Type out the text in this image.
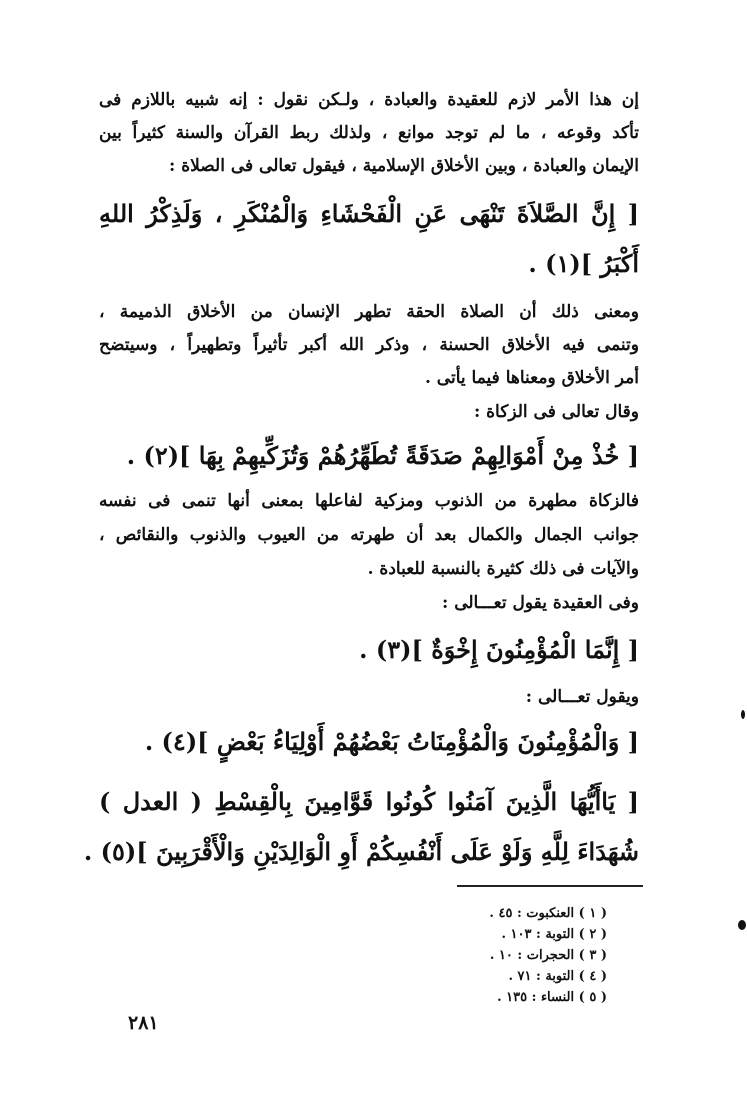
إن هذا الأمر لازم للعقيدة والعبادة ، ولـكن نقول : إنه شبيه باللازم فى
تأكد وقوعه ، ما لم توجد موانع ، ولذلك ربط القرآن والسنة كثيراً بين
الإيمان والعبادة ، وبين الأخلاق الإسلامية ، فيقول تعالى فى الصلاة :
[ إِنَّ الصَّلاَةَ تَنْهَى عَنِ الْفَحْشَاءِ وَالْمُنْكَرِ ، وَلَذِكْرُ اللهِ
أَكْبَرُ ](١) .
ومعنى ذلك أن الصلاة الحقة تطهر الإنسان من الأخلاق الذميمة ،
وتنمى فيه الأخلاق الحسنة ، وذكر الله أكبر تأثيراً وتطهيراً ، وسيتضح
أمر الأخلاق ومعناها فيما يأتى .
وقال تعالى فى الزكاة :
[ خُذْ مِنْ أَمْوَالِهِمْ صَدَقَةً تُطَهِّرُهُمْ وَتُزَكِّيهِمْ بِهَا ](٢) .
فالزكاة مطهرة من الذنوب ومزكية لفاعلها بمعنى أنها تنمى فى نفسه
جوانب الجمال والكمال بعد أن طهرته من العيوب والذنوب والنقائص ،
والآيات فى ذلك كثيرة بالنسبة للعبادة .
وفى العقيدة يقول تعـــالى :
[ إِنَّمَا الْمُؤْمِنُونَ إِخْوَةٌ ](٣) .
ويقول تعـــالى :
[ وَالْمُؤْمِنُونَ وَالْمُؤْمِنَاتُ بَعْضُهُمْ أَوْلِيَاءُ بَعْضٍ ](٤) .
[ يَاأَيُّهَا الَّذِينَ آمَنُوا كُونُوا قَوَّامِينَ بِالْقِسْطِ ( العدل )
شُهَدَاءَ لِلَّهِ وَلَوْ عَلَى أَنْفُسِكُمْ أَوِ الْوَالِدَيْنِ وَالْأَقْرَبِينَ ](٥) .
( ١ ) العنكبوت : ٤٥ .
( ٢ ) التوبة : ١٠٣ .
( ٣ ) الحجرات : ١٠ .
( ٤ ) التوبة : ٧١ .
( ٥ ) النساء : ١٣٥ .
٢٨١
